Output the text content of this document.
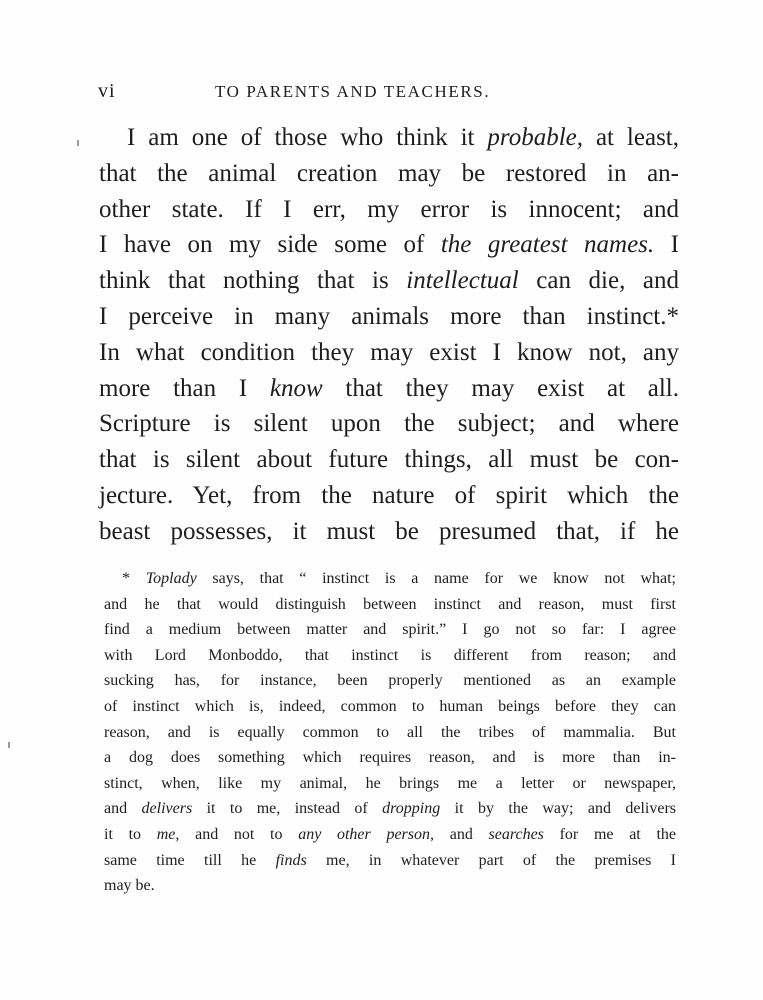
vi	TO PARENTS AND TEACHERS.
I am one of those who think it probable, at least,
that the animal creation may be restored in an-
other state. If I err, my error is innocent; and
I have on my side some of the greatest names. I
think that nothing that is intellectual can die, and
I perceive in many animals more than instinct.*
In what condition they may exist I know not, any
more than I know that they may exist at all.
Scripture is silent upon the subject; and where
that is silent about future things, all must be con-
jecture. Yet, from the nature of spirit which the
beast possesses, it must be presumed that, if he
* Toplady says, that “ instinct is a name for we know not what;
and he that would distinguish between instinct and reason, must first
find a medium between matter and spirit.” I go not so far: I agree
with Lord Monboddo, that instinct is different from reason; and
sucking has, for instance, been properly mentioned as an example
of instinct which is, indeed, common to human beings before they can
reason, and is equally common to all the tribes of mammalia. But
a dog does something which requires reason, and is more than in-
stinct, when, like my animal, he brings me a letter or newspaper,
and delivers it to me, instead of dropping it by the way; and delivers
it to me, and not to any other person, and searches for me at the
same time till he finds me, in whatever part of the premises I
may be.
